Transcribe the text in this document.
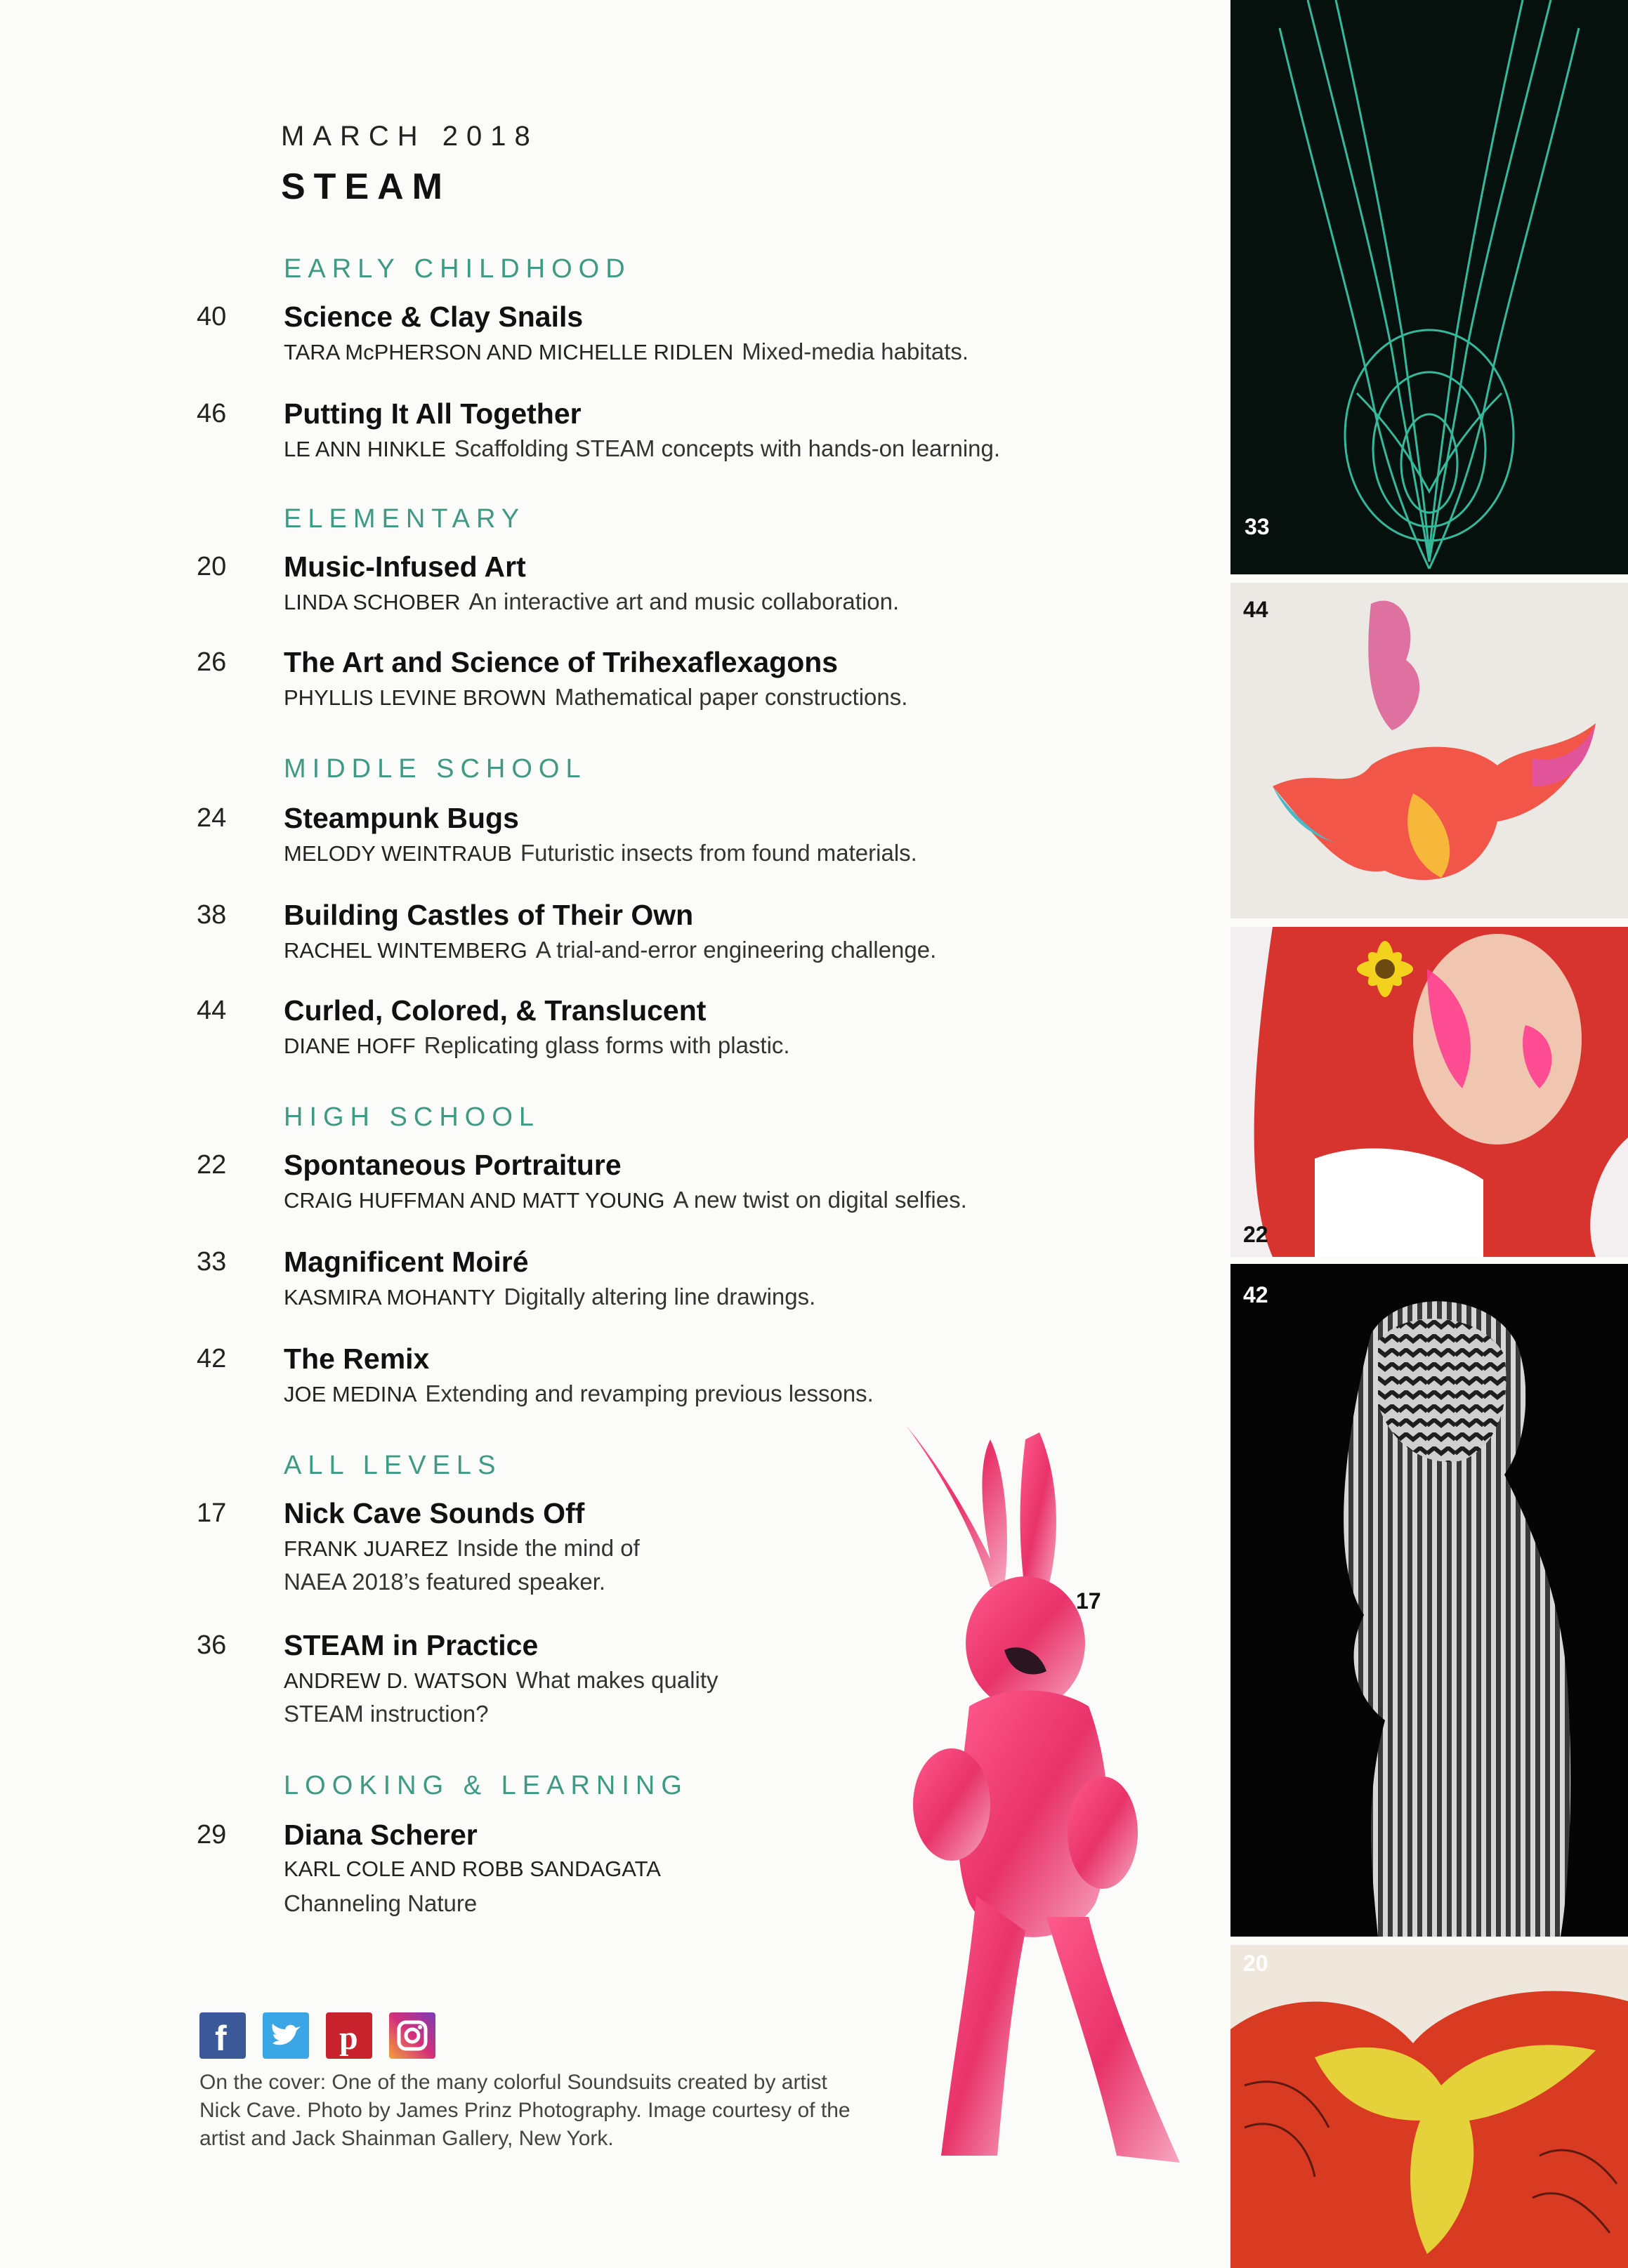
MARCH 2018
STEAM
EARLY CHILDHOOD
40 Science & Clay Snails
TARA McPHERSON AND MICHELLE RIDLEN Mixed-media habitats.
46 Putting It All Together
LE ANN HINKLE Scaffolding STEAM concepts with hands-on learning.
ELEMENTARY
20 Music-Infused Art
LINDA SCHOBER An interactive art and music collaboration.
26 The Art and Science of Trihexaflexagons
PHYLLIS LEVINE BROWN Mathematical paper constructions.
MIDDLE SCHOOL
24 Steampunk Bugs
MELODY WEINTRAUB Futuristic insects from found materials.
38 Building Castles of Their Own
RACHEL WINTEMBERG A trial-and-error engineering challenge.
44 Curled, Colored, & Translucent
DIANE HOFF Replicating glass forms with plastic.
HIGH SCHOOL
22 Spontaneous Portraiture
CRAIG HUFFMAN AND MATT YOUNG A new twist on digital selfies.
33 Magnificent Moiré
KASMIRA MOHANTY Digitally altering line drawings.
42 The Remix
JOE MEDINA Extending and revamping previous lessons.
ALL LEVELS
17 Nick Cave Sounds Off
FRANK JUAREZ Inside the mind of
NAEA 2018’s featured speaker.
36 STEAM in Practice
ANDREW D. WATSON What makes quality
STEAM instruction?
LOOKING & LEARNING
29 Diana Scherer
KARL COLE AND ROBB SANDAGATA
Channeling Nature
f	p
On the cover: One of the many colorful Soundsuits created by artist
Nick Cave. Photo by James Prinz Photography. Image courtesy of the
artist and Jack Shainman Gallery, New York.
17
33
44
22
42
20
